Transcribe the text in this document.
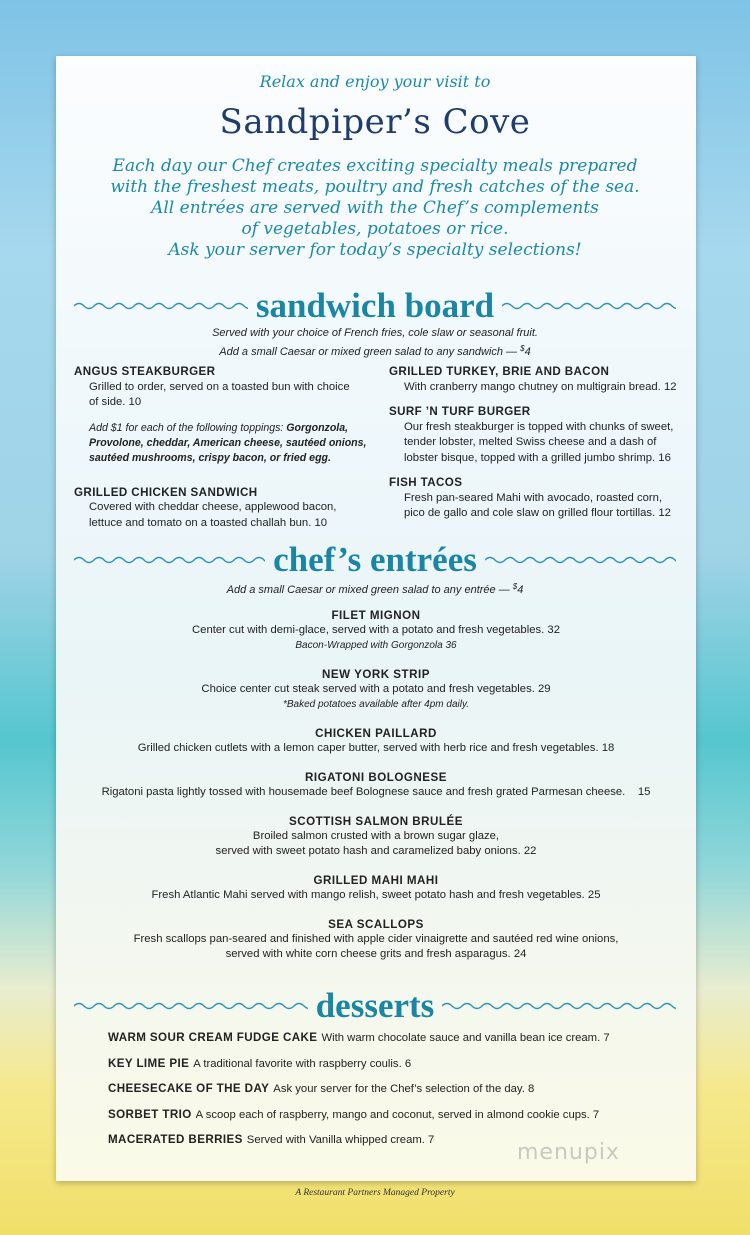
Relax and enjoy your visit to
Sandpiper’s Cove
Each day our Chef creates exciting specialty meals prepared
with the freshest meats, poultry and fresh catches of the sea.
All entrées are served with the Chef’s complements
of vegetables, potatoes or rice.
Ask your server for today’s specialty selections!
sandwich board
Served with your choice of French fries, cole slaw or seasonal fruit.
Add a small Caesar or mixed green salad to any sandwich — $4
ANGUS STEAKBURGER
Grilled to order, served on a toasted bun with choice
of side. 10
Add $1 for each of the following toppings: Gorgonzola,
Provolone, cheddar, American cheese, sautéed onions,
sautéed mushrooms, crispy bacon, or fried egg.
GRILLED CHICKEN SANDWICH
Covered with cheddar cheese, applewood bacon,
lettuce and tomato on a toasted challah bun. 10
GRILLED TURKEY, BRIE AND BACON
With cranberry mango chutney on multigrain bread. 12
SURF ’N TURF BURGER
Our fresh steakburger is topped with chunks of sweet,
tender lobster, melted Swiss cheese and a dash of
lobster bisque, topped with a grilled jumbo shrimp. 16
FISH TACOS
Fresh pan-seared Mahi with avocado, roasted corn,
pico de gallo and cole slaw on grilled flour tortillas. 12
chef’s entrées
Add a small Caesar or mixed green salad to any entrée — $4
FILET MIGNON
Center cut with demi-glace, served with a potato and fresh vegetables. 32
Bacon-Wrapped with Gorgonzola 36
NEW YORK STRIP
Choice center cut steak served with a potato and fresh vegetables. 29
*Baked potatoes available after 4pm daily.
CHICKEN PAILLARD
Grilled chicken cutlets with a lemon caper butter, served with herb rice and fresh vegetables. 18
RIGATONI BOLOGNESE
Rigatoni pasta lightly tossed with housemade beef Bolognese sauce and fresh grated Parmesan cheese.    15
SCOTTISH SALMON BRULÉE
Broiled salmon crusted with a brown sugar glaze,
served with sweet potato hash and caramelized baby onions. 22
GRILLED MAHI MAHI
Fresh Atlantic Mahi served with mango relish, sweet potato hash and fresh vegetables. 25
SEA SCALLOPS
Fresh scallops pan-seared and finished with apple cider vinaigrette and sautéed red wine onions,
served with white corn cheese grits and fresh asparagus. 24
desserts
WARM SOUR CREAM FUDGE CAKE With warm chocolate sauce and vanilla bean ice cream. 7
KEY LIME PIE A traditional favorite with raspberry coulis. 6
CHEESECAKE OF THE DAY Ask your server for the Chef’s selection of the day. 8
SORBET TRIO A scoop each of raspberry, mango and coconut, served in almond cookie cups. 7
MACERATED BERRIES Served with Vanilla whipped cream. 7	menupix
A Restaurant Partners Managed Property
